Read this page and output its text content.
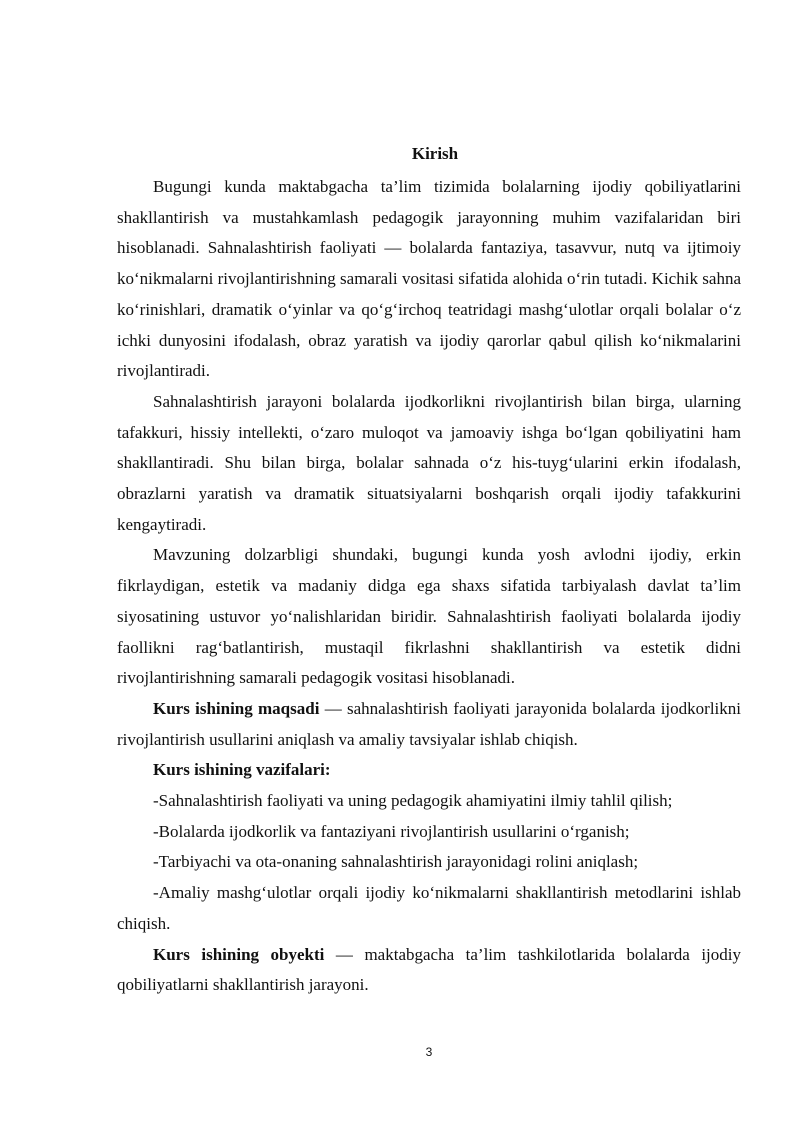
Kirish

Bugungi kunda maktabgacha ta’lim tizimida bolalarning ijodiy qobiliyatlarini shakllantirish va mustahkamlash pedagogik jarayonning muhim vazifalaridan biri hisoblanadi. Sahnalashtirish faoliyati — bolalarda fantaziya, tasavvur, nutq va ijtimoiy ko‘nikmalarni rivojlantirishning samarali vositasi sifatida alohida o‘rin tutadi. Kichik sahna ko‘rinishlari, dramatik o‘yinlar va qo‘g‘irchoq teatridagi mashg‘ulotlar orqali bolalar o‘z ichki dunyosini ifodalash, obraz yaratish va ijodiy qarorlar qabul qilish ko‘nikmalarini rivojlantiradi.

Sahnalashtirish jarayoni bolalarda ijodkorlikni rivojlantirish bilan birga, ularning tafakkuri, hissiy intellekti, o‘zaro muloqot va jamoaviy ishga bo‘lgan qobiliyatini ham shakllantiradi. Shu bilan birga, bolalar sahnada o‘z his-tuyg‘ularini erkin ifodalash, obrazlarni yaratish va dramatik situatsiyalarni boshqarish orqali ijodiy tafakkurini kengaytiradi.

Mavzuning dolzarbligi shundaki, bugungi kunda yosh avlodni ijodiy, erkin fikrlaydigan, estetik va madaniy didga ega shaxs sifatida tarbiyalash davlat ta’lim siyosatining ustuvor yo‘nalishlaridan biridir. Sahnalashtirish faoliyati bolalarda ijodiy faollikni rag‘batlantirish, mustaqil fikrlashni shakllantirish va estetik didni rivojlantirishning samarali pedagogik vositasi hisoblanadi.

Kurs ishining maqsadi — sahnalashtirish faoliyati jarayonida bolalarda ijodkorlikni rivojlantirish usullarini aniqlash va amaliy tavsiyalar ishlab chiqish.

Kurs ishining vazifalari:

-Sahnalashtirish faoliyati va uning pedagogik ahamiyatini ilmiy tahlil qilish;

-Bolalarda ijodkorlik va fantaziyani rivojlantirish usullarini o‘rganish;

-Tarbiyachi va ota-onaning sahnalashtirish jarayonidagi rolini aniqlash;

-Amaliy mashg‘ulotlar orqali ijodiy ko‘nikmalarni shakllantirish metodlarini ishlab chiqish.

Kurs ishining obyekti — maktabgacha ta’lim tashkilotlarida bolalarda ijodiy qobiliyatlarni shakllantirish jarayoni.

3
